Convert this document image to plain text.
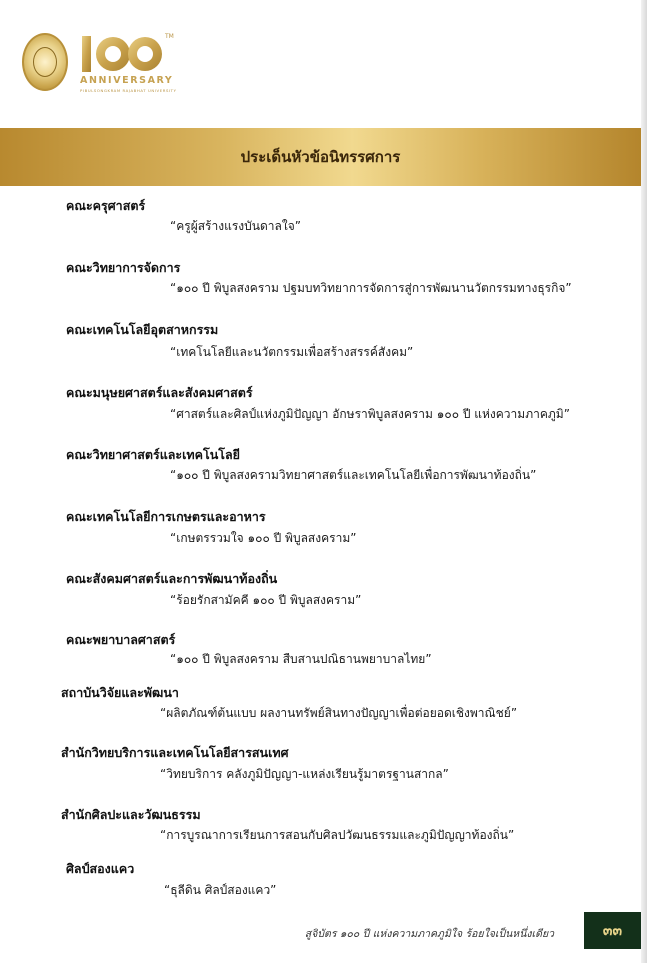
TM
ANNIVERSARY
PIBULSONGKRAM RAJABHAT UNIVERSITY
ประเด็นหัวข้อนิทรรศการ
คณะครุศาสตร์
“ครูผู้สร้างแรงบันดาลใจ”
คณะวิทยาการจัดการ
“๑๐๐ ปี พิบูลสงคราม ปฐมบทวิทยาการจัดการสู่การพัฒนานวัตกรรมทางธุรกิจ”
คณะเทคโนโลยีอุตสาหกรรม
“เทคโนโลยีและนวัตกรรมเพื่อสร้างสรรค์สังคม”
คณะมนุษยศาสตร์และสังคมศาสตร์
“ศาสตร์และศิลป์แห่งภูมิปัญญา อักษราพิบูลสงคราม ๑๐๐ ปี แห่งความภาคภูมิ”
คณะวิทยาศาสตร์และเทคโนโลยี
“๑๐๐ ปี พิบูลสงครามวิทยาศาสตร์และเทคโนโลยีเพื่อการพัฒนาท้องถิ่น”
คณะเทคโนโลยีการเกษตรและอาหาร
“เกษตรรวมใจ ๑๐๐ ปี พิบูลสงคราม”
คณะสังคมศาสตร์และการพัฒนาท้องถิ่น
“ร้อยรักสามัคคี ๑๐๐ ปี พิบูลสงคราม”
คณะพยาบาลศาสตร์
“๑๐๐ ปี พิบูลสงคราม สืบสานปณิธานพยาบาลไทย”
สถาบันวิจัยและพัฒนา
“ผลิตภัณฑ์ต้นแบบ ผลงานทรัพย์สินทางปัญญาเพื่อต่อยอดเชิงพาณิชย์”
สำนักวิทยบริการและเทคโนโลยีสารสนเทศ
“วิทยบริการ คลังภูมิปัญญา-แหล่งเรียนรู้มาตรฐานสากล”
สำนักศิลปะและวัฒนธรรม
“การบูรณาการเรียนการสอนกับศิลปวัฒนธรรมและภูมิปัญญาท้องถิ่น”
ศิลป์สองแคว
“ธุลีดิน ศิลป์สองแคว”
สูจิบัตร ๑๐๐ ปี แห่งความภาคภูมิใจ ร้อยใจเป็นหนึ่งเดียว	๓๓
